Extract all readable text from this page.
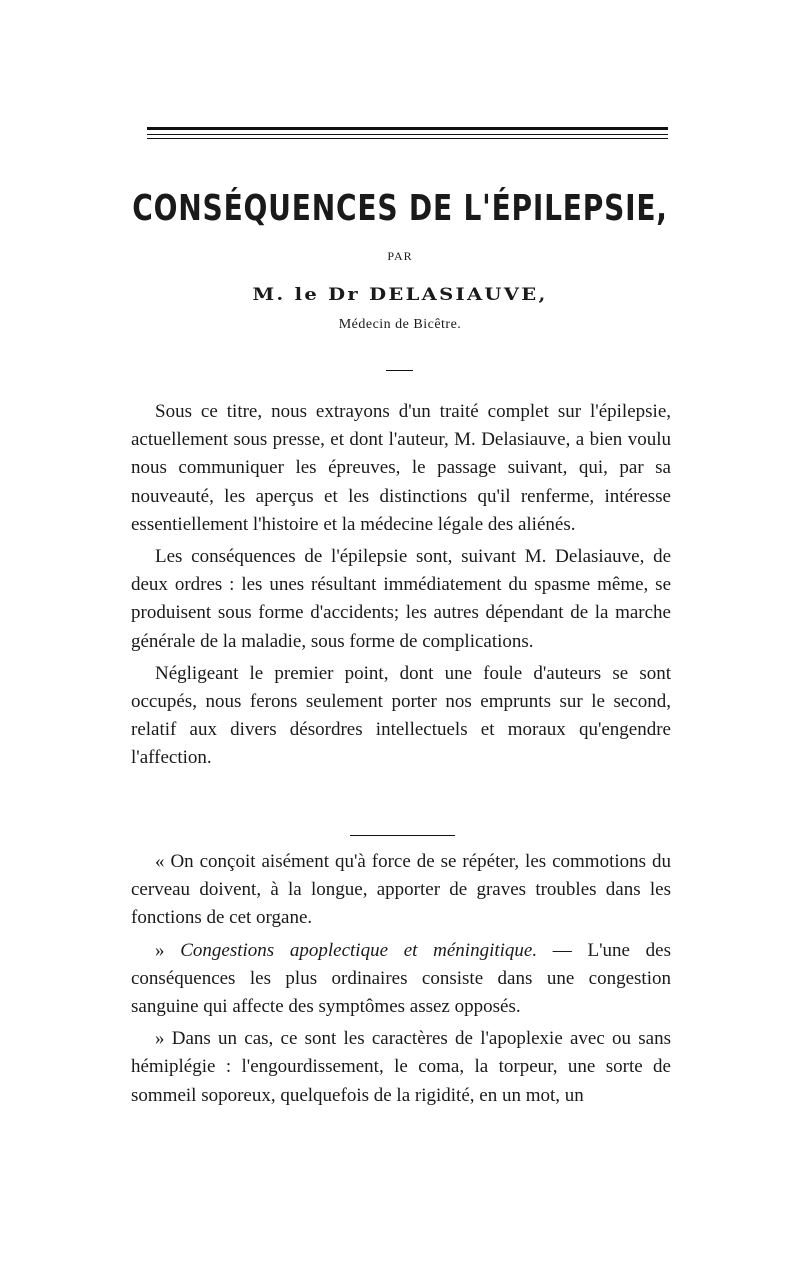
CONSÉQUENCES DE L'ÉPILEPSIE,
PAR
M. le Dr DELASIAUVE,
Médecin de Bicêtre.

Sous ce titre, nous extrayons d'un traité complet sur l'épilepsie, actuellement sous presse, et dont l'auteur, M. Delasiauve, a bien voulu nous communiquer les épreuves, le passage suivant, qui, par sa nouveauté, les aperçus et les distinctions qu'il renferme, intéresse essentiellement l'histoire et la médecine légale des aliénés.

Les conséquences de l'épilepsie sont, suivant M. Delasiauve, de deux ordres : les unes résultant immédiatement du spasme même, se produisent sous forme d'accidents; les autres dépendant de la marche générale de la maladie, sous forme de complications.

Négligeant le premier point, dont une foule d'auteurs se sont occupés, nous ferons seulement porter nos emprunts sur le second, relatif aux divers désordres intellectuels et moraux qu'engendre l'affection.

« On conçoit aisément qu'à force de se répéter, les commotions du cerveau doivent, à la longue, apporter de graves troubles dans les fonctions de cet organe.

» Congestions apoplectique et méningitique. — L'une des conséquences les plus ordinaires consiste dans une congestion sanguine qui affecte des symptômes assez opposés.

» Dans un cas, ce sont les caractères de l'apoplexie avec ou sans hémiplégie : l'engourdissement, le coma, la torpeur, une sorte de sommeil soporeux, quelquefois de la rigidité, en un mot, un
